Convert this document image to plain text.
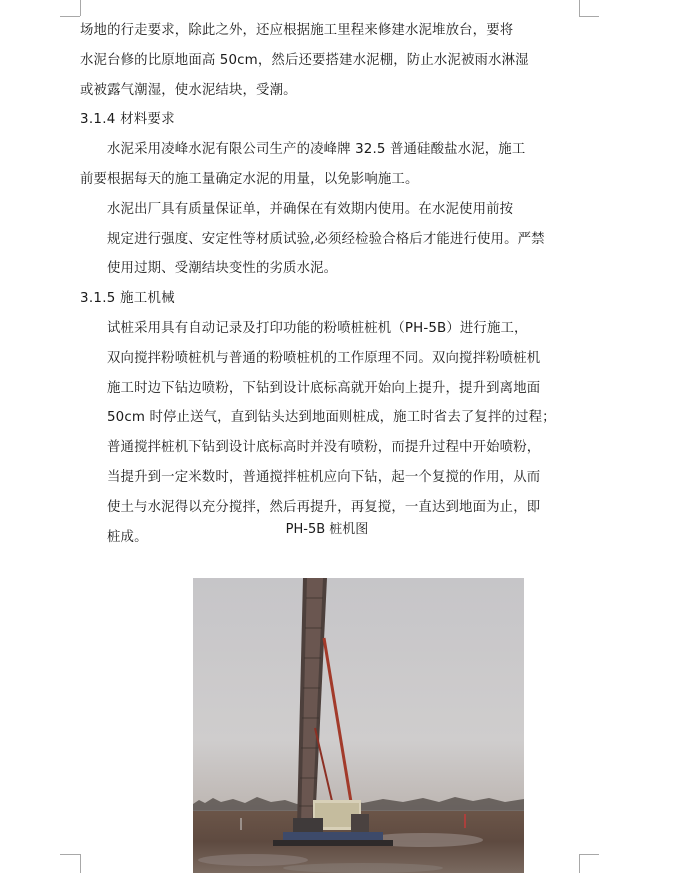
场地的行走要求，除此之外，还应根据施工里程来修建水泥堆放台，要将
水泥台修的比原地面高 50cm，然后还要搭建水泥棚，防止水泥被雨水淋湿
或被露气潮湿，使水泥结块，受潮。

3.1.4 材料要求

水泥采用凌峰水泥有限公司生产的凌峰牌 32.5 普通硅酸盐水泥，施工
前要根据每天的施工量确定水泥的用量，以免影响施工。

水泥出厂具有质量保证单，并确保在有效期内使用。在水泥使用前按
规定进行强度、安定性等材质试验,必须经检验合格后才能进行使用。严禁
使用过期、受潮结块变性的劣质水泥。

3.1.5 施工机械

试桩采用具有自动记录及打印功能的粉喷桩桩机（PH-5B）进行施工，
双向搅拌粉喷桩机与普通的粉喷桩机的工作原理不同。双向搅拌粉喷桩机
施工时边下钻边喷粉，下钻到设计底标高就开始向上提升，提升到离地面
50cm 时停止送气，直到钻头达到地面则桩成，施工时省去了复拌的过程；
普通搅拌桩机下钻到设计底标高时并没有喷粉，而提升过程中开始喷粉，
当提升到一定米数时，普通搅拌桩机应向下钻，起一个复搅的作用，从而
使土与水泥得以充分搅拌，然后再提升，再复搅，一直达到地面为止，即
桩成。

PH-5B 桩机图
